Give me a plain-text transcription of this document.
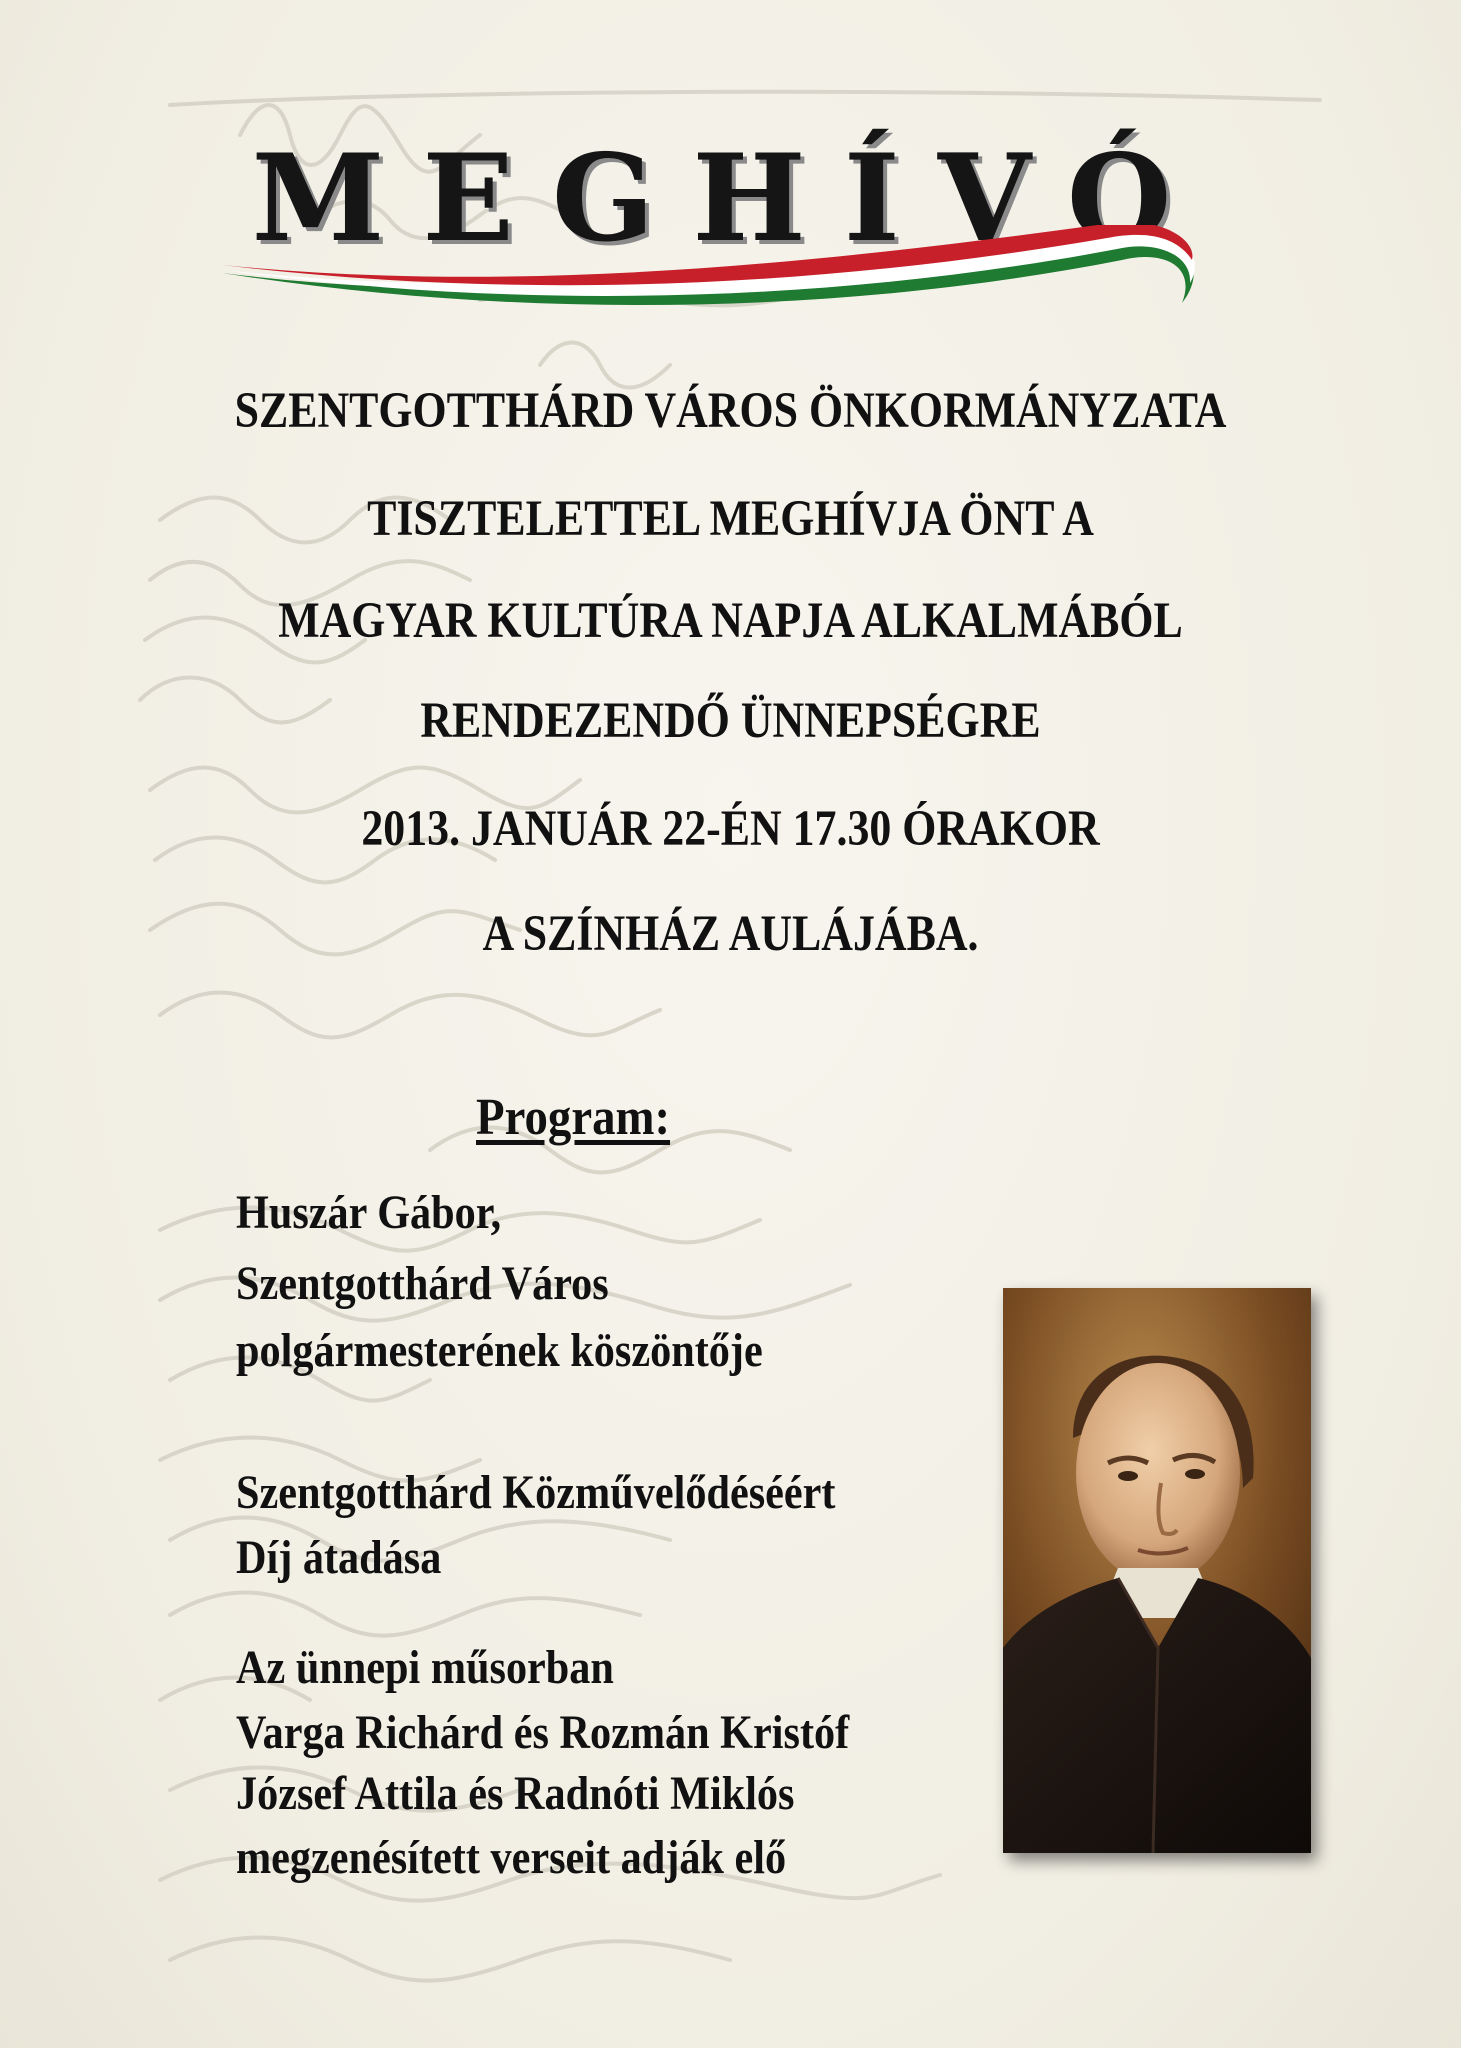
MEGHÍVÓ
SZENTGOTTHÁRD VÁROS ÖNKORMÁNYZATA
TISZTELETTEL MEGHÍVJA ÖNT A
MAGYAR KULTÚRA NAPJA ALKALMÁBÓL
RENDEZENDŐ ÜNNEPSÉGRE
2013. JANUÁR 22-ÉN 17.30 ÓRAKOR
A SZÍNHÁZ AULÁJÁBA.
Program:
Huszár Gábor,
Szentgotthárd Város
polgármesterének köszöntője
Szentgotthárd Közművelődéséért
Díj átadása
Az ünnepi műsorban
Varga Richárd és Rozmán Kristóf
József Attila és Radnóti Miklós
megzenésített verseit adják elő
